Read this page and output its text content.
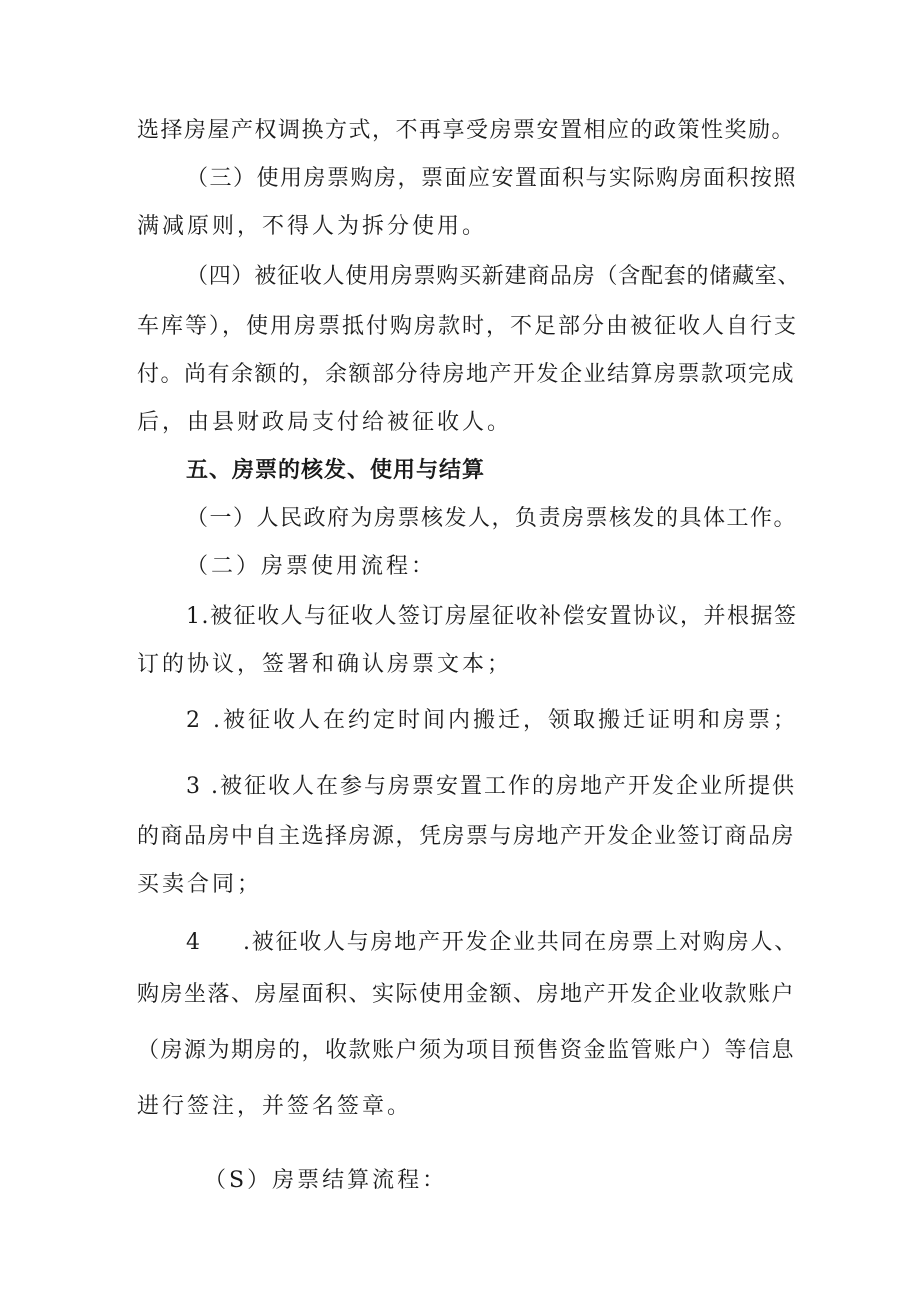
选择房屋产权调换方式，不再享受房票安置相应的政策性奖励。
（三）使用房票购房，票面应安置面积与实际购房面积按照
满减原则，不得人为拆分使用。
（四）被征收人使用房票购买新建商品房（含配套的储藏室、
车库等），使用房票抵付购房款时，不足部分由被征收人自行支
付。尚有余额的，余额部分待房地产开发企业结算房票款项完成
后，由县财政局支付给被征收人。
五、房票的核发、使用与结算
（一）人民政府为房票核发人，负责房票核发的具体工作。
（二）房票使用流程：
1.被征收人与征收人签订房屋征收补偿安置协议，并根据签
订的协议，签署和确认房票文本；
2 .被征收人在约定时间内搬迁，领取搬迁证明和房票；
3 .被征收人在参与房票安置工作的房地产开发企业所提供
的商品房中自主选择房源，凭房票与房地产开发企业签订商品房
买卖合同；
4 .被征收人与房地产开发企业共同在房票上对购房人、
购房坐落、房屋面积、实际使用金额、房地产开发企业收款账户
（房源为期房的，收款账户须为项目预售资金监管账户）等信息
进行签注，并签名签章。
（S）房票结算流程：
